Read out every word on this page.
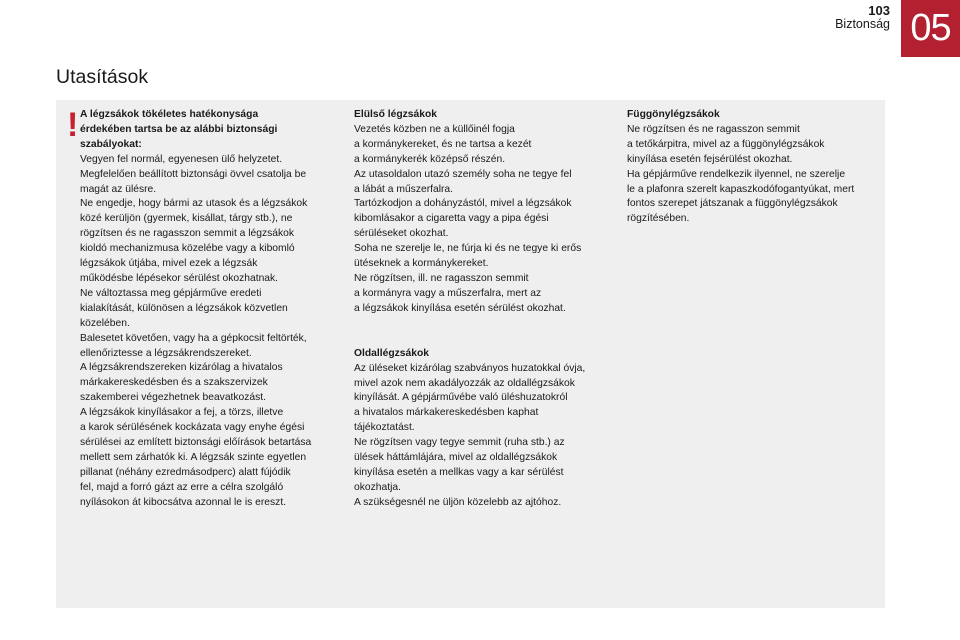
103
Biztonság 05
Utasítások
! A légzsákok tökéletes hatékonysága
érdekében tartsa be az alábbi biztonsági
szabályokat:
Vegyen fel normál, egyenesen ülő helyzetet.
Megfelelően beállított biztonsági övvel csatolja be
magát az ülésre.
Ne engedje, hogy bármi az utasok és a légzsákok
közé kerüljön (gyermek, kisállat, tárgy stb.), ne
rögzítsen és ne ragasszon semmit a légzsákok
kioldó mechanizmusa közelébe vagy a kibomló
légzsákok útjába, mivel ezek a légzsák
működésbe lépésekor sérülést okozhatnak.
Ne változtassa meg gépjárműve eredeti
kialakítását, különösen a légzsákok közvetlen
közelében.
Balesetet követően, vagy ha a gépkocsit feltörték,
ellenőriztesse a légzsákrendszereket.
A légzsákrendszereken kizárólag a hivatalos
márkakereskedésben és a szakszervizek
szakemberei végezhetnek beavatkozást.
A légzsákok kinyílásakor a fej, a törzs, illetve
a karok sérülésének kockázata vagy enyhe égési
sérülései az említett biztonsági előírások betartása
mellett sem zárhatók ki. A légzsák szinte egyetlen
pillanat (néhány ezredmásodperc) alatt fújódik
fel, majd a forró gázt az erre a célra szolgáló
nyílásokon át kibocsátva azonnal le is ereszt.
Elülső légzsákok
Vezetés közben ne a küllőinél fogja
a kormánykereket, és ne tartsa a kezét
a kormánykerék középső részén.
Az utasoldalon utazó személy soha ne tegye fel
a lábát a műszerfalra.
Tartózkodjon a dohányzástól, mivel a légzsákok
kibomlásakor a cigaretta vagy a pipa égési
sérüléseket okozhat.
Soha ne szerelje le, ne fúrja ki és ne tegye ki erős
ütéseknek a kormánykereket.
Ne rögzítsen, ill. ne ragasszon semmit
a kormányra vagy a műszerfalra, mert az
a légzsákok kinyílása esetén sérülést okozhat.
Oldallégzsákok
Az üléseket kizárólag szabványos huzatokkal óvja,
mivel azok nem akadályozzák az oldallégzsákok
kinyílását. A gépjárművébe való üléshuzatokról
a hivatalos márkakereskedésben kaphat
tájékoztatást.
Ne rögzítsen vagy tegye semmit (ruha stb.) az
ülések háttámlájára, mivel az oldallégzsákok
kinyílása esetén a mellkas vagy a kar sérülést
okozhatja.
A szükségesnél ne üljön közelebb az ajtóhoz.
Függönylégzsákok
Ne rögzítsen és ne ragasszon semmit
a tetőkárpitra, mivel az a függönylégzsákok
kinyílása esetén fejsérülést okozhat.
Ha gépjárműve rendelkezik ilyennel, ne szerelje
le a plafonra szerelt kapaszkodófogantyúkat, mert
fontos szerepet játszanak a függönylégzsákok
rögzítésében.
